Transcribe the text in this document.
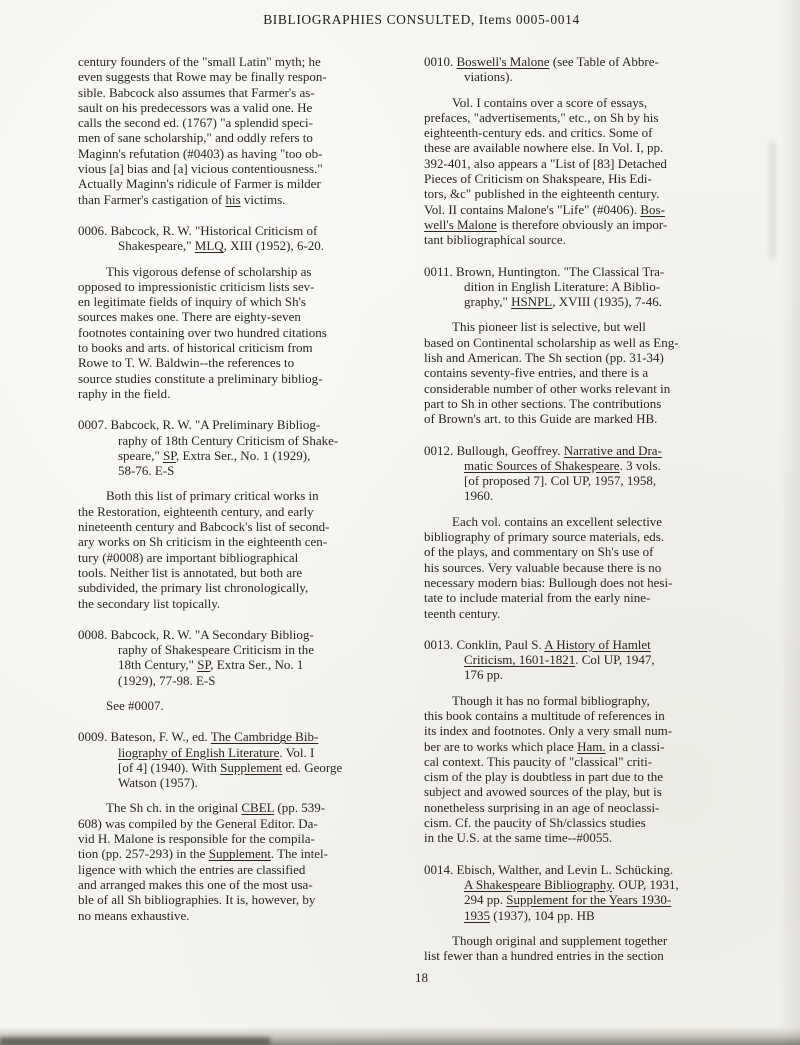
BIBLIOGRAPHIES CONSULTED, Items 0005-0014
century founders of the "small Latin" myth; he
even suggests that Rowe may be finally respon-
sible. Babcock also assumes that Farmer's as-
sault on his predecessors was a valid one. He
calls the second ed. (1767) "a splendid speci-
men of sane scholarship," and oddly refers to
Maginn's refutation (#0403) as having "too ob-
vious [a] bias and [a] vicious contentiousness."
Actually Maginn's ridicule of Farmer is milder
than Farmer's castigation of his victims.
0006. Babcock, R. W. "Historical Criticism of
Shakespeare," MLQ, XIII (1952), 6-20.
This vigorous defense of scholarship as
opposed to impressionistic criticism lists sev-
en legitimate fields of inquiry of which Sh's
sources makes one. There are eighty-seven
footnotes containing over two hundred citations
to books and arts. of historical criticism from
Rowe to T. W. Baldwin--the references to
source studies constitute a preliminary bibliog-
raphy in the field.
0007. Babcock, R. W. "A Preliminary Bibliog-
raphy of 18th Century Criticism of Shake-
speare," SP, Extra Ser., No. 1 (1929),
58-76. E-S
Both this list of primary critical works in
the Restoration, eighteenth century, and early
nineteenth century and Babcock's list of second-
ary works on Sh criticism in the eighteenth cen-
tury (#0008) are important bibliographical
tools. Neither list is annotated, but both are
subdivided, the primary list chronologically,
the secondary list topically.
0008. Babcock, R. W. "A Secondary Bibliog-
raphy of Shakespeare Criticism in the
18th Century," SP, Extra Ser., No. 1
(1929), 77-98. E-S
See #0007.
0009. Bateson, F. W., ed. The Cambridge Bib-
liography of English Literature. Vol. I
[of 4] (1940). With Supplement ed. George
Watson (1957).
The Sh ch. in the original CBEL (pp. 539-
608) was compiled by the General Editor. Da-
vid H. Malone is responsible for the compila-
tion (pp. 257-293) in the Supplement. The intel-
ligence with which the entries are classified
and arranged makes this one of the most usa-
ble of all Sh bibliographies. It is, however, by
no means exhaustive.
0010. Boswell's Malone (see Table of Abbre-
viations).
Vol. I contains over a score of essays,
prefaces, "advertisements," etc., on Sh by his
eighteenth-century eds. and critics. Some of
these are available nowhere else. In Vol. I, pp.
392-401, also appears a "List of [83] Detached
Pieces of Criticism on Shakspeare, His Edi-
tors, &c" published in the eighteenth century.
Vol. II contains Malone's "Life" (#0406). Bos-
well's Malone is therefore obviously an impor-
tant bibliographical source.
0011. Brown, Huntington. "The Classical Tra-
dition in English Literature: A Biblio-
graphy," HSNPL, XVIII (1935), 7-46.
This pioneer list is selective, but well
based on Continental scholarship as well as Eng-
lish and American. The Sh section (pp. 31-34)
contains seventy-five entries, and there is a
considerable number of other works relevant in
part to Sh in other sections. The contributions
of Brown's art. to this Guide are marked HB.
0012. Bullough, Geoffrey. Narrative and Dra-
matic Sources of Shakespeare. 3 vols.
[of proposed 7]. Col UP, 1957, 1958,
1960.
Each vol. contains an excellent selective
bibliography of primary source materials, eds.
of the plays, and commentary on Sh's use of
his sources. Very valuable because there is no
necessary modern bias: Bullough does not hesi-
tate to include material from the early nine-
teenth century.
0013. Conklin, Paul S. A History of Hamlet
Criticism, 1601-1821. Col UP, 1947,
176 pp.
Though it has no formal bibliography,
this book contains a multitude of references in
its index and footnotes. Only a very small num-
ber are to works which place Ham. in a classi-
cal context. This paucity of "classical" criti-
cism of the play is doubtless in part due to the
subject and avowed sources of the play, but is
nonetheless surprising in an age of neoclassi-
cism. Cf. the paucity of Sh/classics studies
in the U.S. at the same time--#0055.
0014. Ebisch, Walther, and Levin L. Schücking.
A Shakespeare Bibliography. OUP, 1931,
294 pp. Supplement for the Years 1930-
1935 (1937), 104 pp. HB
Though original and supplement together
list fewer than a hundred entries in the section
18
